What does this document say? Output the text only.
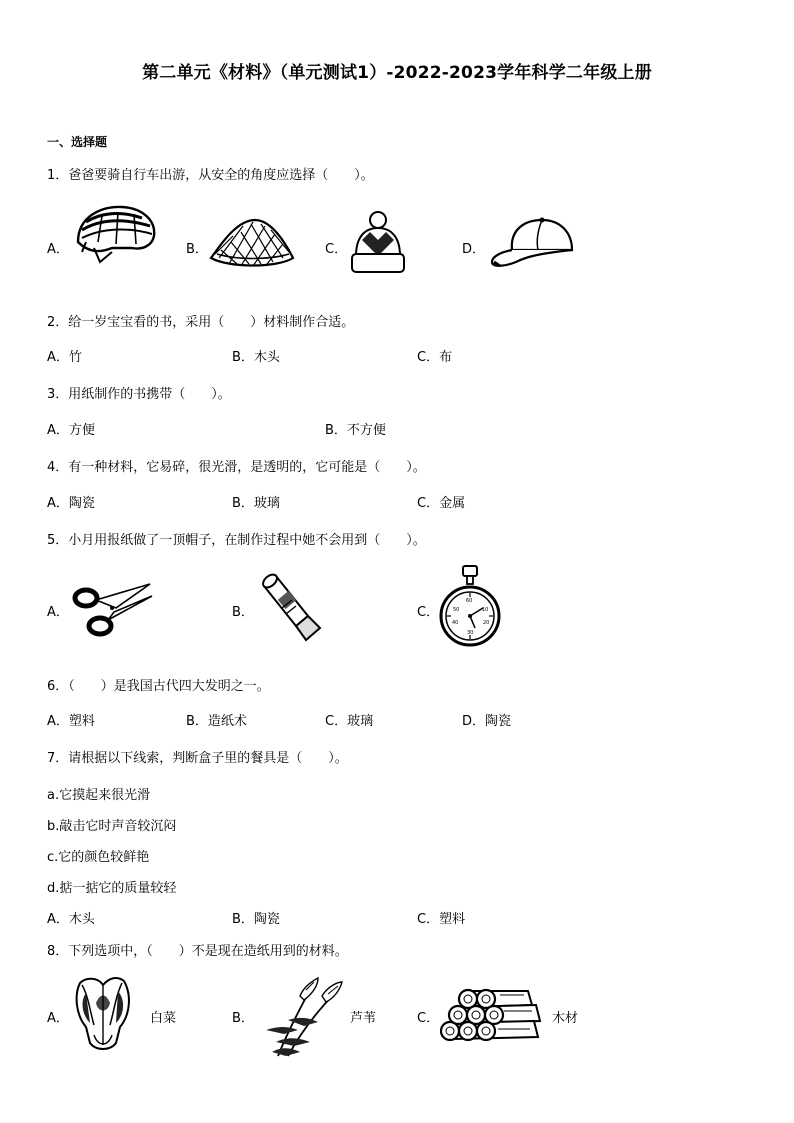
第二单元《材料》（单元测试1）-2022-2023学年科学二年级上册
一、选择题
1．爸爸要骑自行车出游，从安全的角度应选择（　　）。
A．	B．	C．	D．
2．给一岁宝宝看的书，采用（　　）材料制作合适。
A．竹	B．木头	C．布
3．用纸制作的书携带（　　）。
A．方便	B．不方便
4．有一种材料，它易碎，很光滑，是透明的，它可能是（　　）。
A．陶瓷	B．玻璃	C．金属
5．小月用报纸做了一顶帽子，在制作过程中她不会用到（　　）。
A．	B．	C．
60
10
20
40
50
30
6．（　　）是我国古代四大发明之一。
A．塑料	B．造纸术	C．玻璃	D．陶瓷
7．请根据以下线索，判断盒子里的餐具是（　　）。
a.它摸起来很光滑
b.敲击它时声音较沉闷
c.它的颜色较鲜艳
d.掂一掂它的质量较轻
A．木头	B．陶瓷	C．塑料
8．下列选项中，（　　）不是现在造纸用到的材料。
A．	白菜	B．	芦苇	C．	木材
